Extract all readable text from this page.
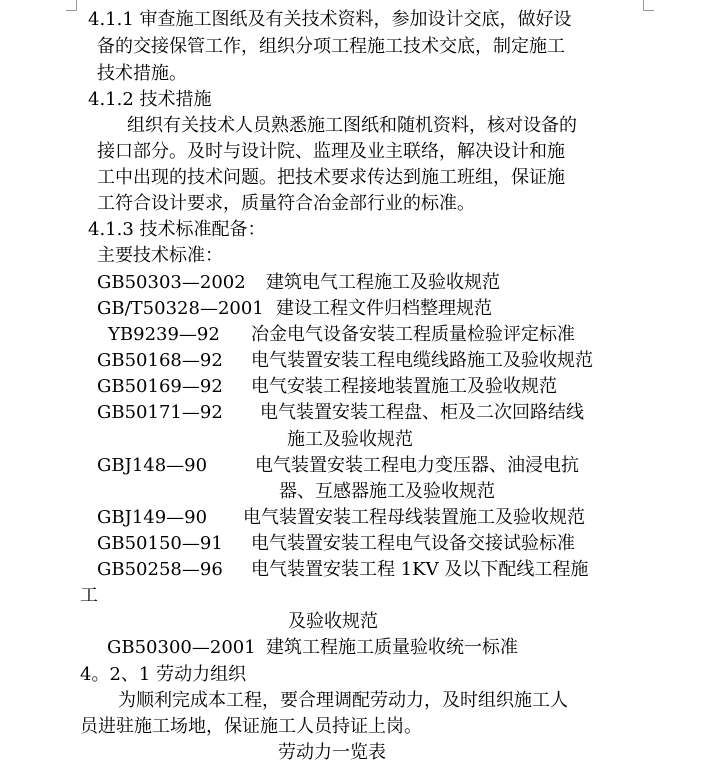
4.1.1 审查施工图纸及有关技术资料，参加设计交底，做好设
备的交接保管工作，组织分项工程施工技术交底，制定施工
技术措施。
4.1.2 技术措施
组织有关技术人员熟悉施工图纸和随机资料，核对设备的
接口部分。及时与设计院、监理及业主联络，解决设计和施
工中出现的技术问题。把技术要求传达到施工班组，保证施
工符合设计要求，质量符合冶金部行业的标准。
4.1.3 技术标准配备：
主要技术标准：
GB50303—2002 建筑电气工程施工及验收规范
GB/T50328—2001 建设工程文件归档整理规范
YB9239—92 冶金电气设备安装工程质量检验评定标准
GB50168—92 电气装置安装工程电缆线路施工及验收规范
GB50169—92 电气安装工程接地装置施工及验收规范
GB50171—92 电气装置安装工程盘、柜及二次回路结线
施工及验收规范
GBJ148—90	电气装置安装工程电力变压器、油浸电抗
器、互感器施工及验收规范
GBJ149—90 电气装置安装工程母线装置施工及验收规范
GB50150—91 电气装置安装工程电气设备交接试验标准
GB50258—96 电气装置安装工程 1KV 及以下配线工程施
工
及验收规范
GB50300—2001 建筑工程施工质量验收统一标准
4。2、1 劳动力组织
为顺利完成本工程，要合理调配劳动力，及时组织施工人
员进驻施工场地，保证施工人员持证上岗。
劳动力一览表
